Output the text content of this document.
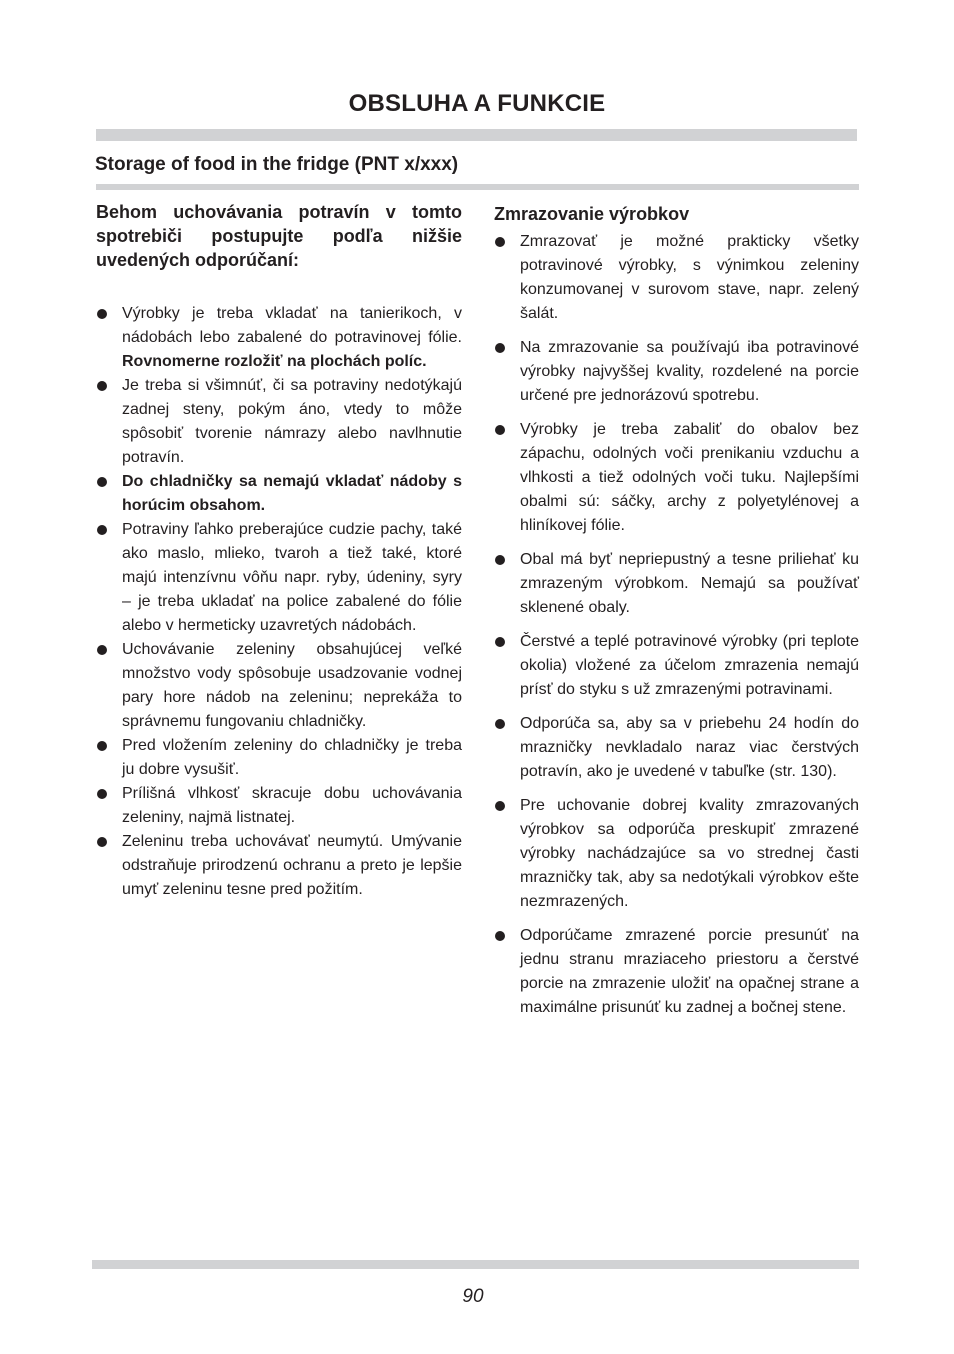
OBSLUHA A FUNKCIE
Storage of food in the fridge (PNT x/xxx)

Behom uchovávania potravín v tomto spotrebiči postupujte podľa nižšie uvedených odporúčaní:

Výrobky je treba vkladať na tanierikoch, v nádobách lebo zabalené do potravinovej fólie. Rovnomerne rozložiť na plochách políc.
Je treba si všimnúť, či sa potraviny nedotýkajú zadnej steny, pokým áno, vtedy to môže spôsobiť tvorenie námrazy alebo navlhnutie potravín.
Do chladničky sa nemajú vkladať nádoby s horúcim obsahom.
Potraviny ľahko preberajúce cudzie pachy, také ako maslo, mlieko, tvaroh a tiež také, ktoré majú intenzívnu vôňu napr. ryby, údeniny, syry – je treba ukladať na police zabalené do fólie alebo v hermeticky uzavretých nádobách.
Uchovávanie zeleniny obsahujúcej veľké množstvo vody spôsobuje usadzovanie vodnej pary hore nádob na zeleninu; neprekáža to správnemu fungovaniu chladničky.
Pred vložením zeleniny do chladničky je treba ju dobre vysušiť.
Prílišná vlhkosť skracuje dobu uchovávania zeleniny, najmä listnatej.
Zeleninu treba uchovávať neumytú. Umývanie odstraňuje prirodzenú ochranu a preto je lepšie umyť zeleninu tesne pred požitím.

Zmrazovanie výrobkov

Zmrazovať je možné prakticky všetky potravinové výrobky, s výnimkou zeleniny konzumovanej v surovom stave, napr. zelený šalát.
Na zmrazovanie sa používajú iba potravinové výrobky najvyššej kvality, rozdelené na porcie určené pre jednorázovú spotrebu.
Výrobky je treba zabaliť do obalov bez zápachu, odolných voči prenikaniu vzduchu a vlhkosti a tiež odolných voči tuku. Najlepšími obalmi sú: sáčky, archy z polyetylénovej a hliníkovej fólie.
Obal má byť nepriepustný a tesne priliehať ku zmrazeným výrobkom. Nemajú sa používať sklenené obaly.
Čerstvé a teplé potravinové výrobky (pri teplote okolia) vložené za účelom zmrazenia nemajú prísť do styku s už zmrazenými potravinami.
Odporúča sa, aby sa v priebehu 24 hodín do mrazničky nevkladalo naraz viac čerstvých potravín, ako je uvedené v tabuľke (str. 130).
Pre uchovanie dobrej kvality zmrazovaných výrobkov sa odporúča preskupiť zmrazené výrobky nachádzajúce sa vo strednej časti mrazničky tak, aby sa nedotýkali výrobkov ešte nezmrazených.
Odporúčame zmrazené porcie presunúť na jednu stranu mraziaceho priestoru a čerstvé porcie na zmrazenie uložiť na opačnej strane a maximálne prisunúť ku zadnej a bočnej stene.
90
